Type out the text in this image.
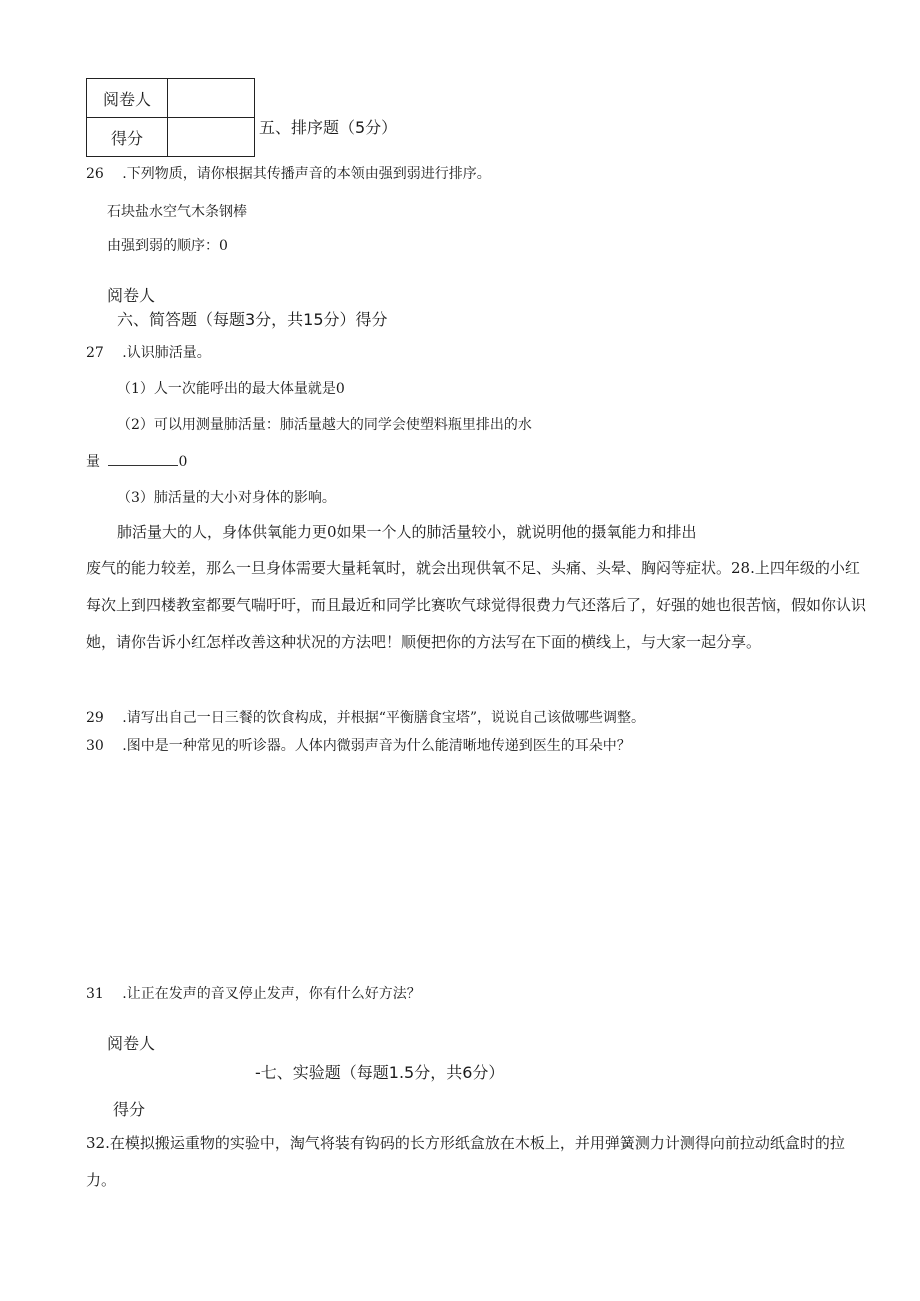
阅卷人	
得分	
五、排序题（5分）
26 .下列物质，请你根据其传播声音的本领由强到弱进行排序。
石块盐水空气木条钢棒
由强到弱的顺序：0
阅卷人
六、简答题（每题3分，共15分）得分
27 .认识肺活量。
（1）人一次能呼出的最大体量就是0
（2）可以用测量肺活量：肺活量越大的同学会使塑料瓶里排出的水
量	0
（3）肺活量的大小对身体的影响。
肺活量大的人，身体供氧能力更0如果一个人的肺活量较小，就说明他的摄氧能力和排出
废气的能力较差，那么一旦身体需要大量耗氧时，就会出现供氧不足、头痛、头晕、胸闷等症状。28.上四年级的小红每次上到四楼教室都要气喘吁吁，而且最近和同学比赛吹气球觉得很费力气还落后了，好强的她也很苦恼，假如你认识她，请你告诉小红怎样改善这种状况的方法吧！顺便把你的方法写在下面的横线上，与大家一起分享。
29 .请写出自己一日三餐的饮食构成，并根据“平衡膳食宝塔”，说说自己该做哪些调整。
30 .图中是一种常见的听诊器。人体内微弱声音为什么能清晰地传递到医生的耳朵中？
31 .让正在发声的音叉停止发声，你有什么好方法？
阅卷人
-七、实验题（每题1.5分，共6分）
得分
32.在模拟搬运重物的实验中，淘气将装有钩码的长方形纸盒放在木板上，并用弹簧测力计测得向前拉动纸盒时的拉力。
